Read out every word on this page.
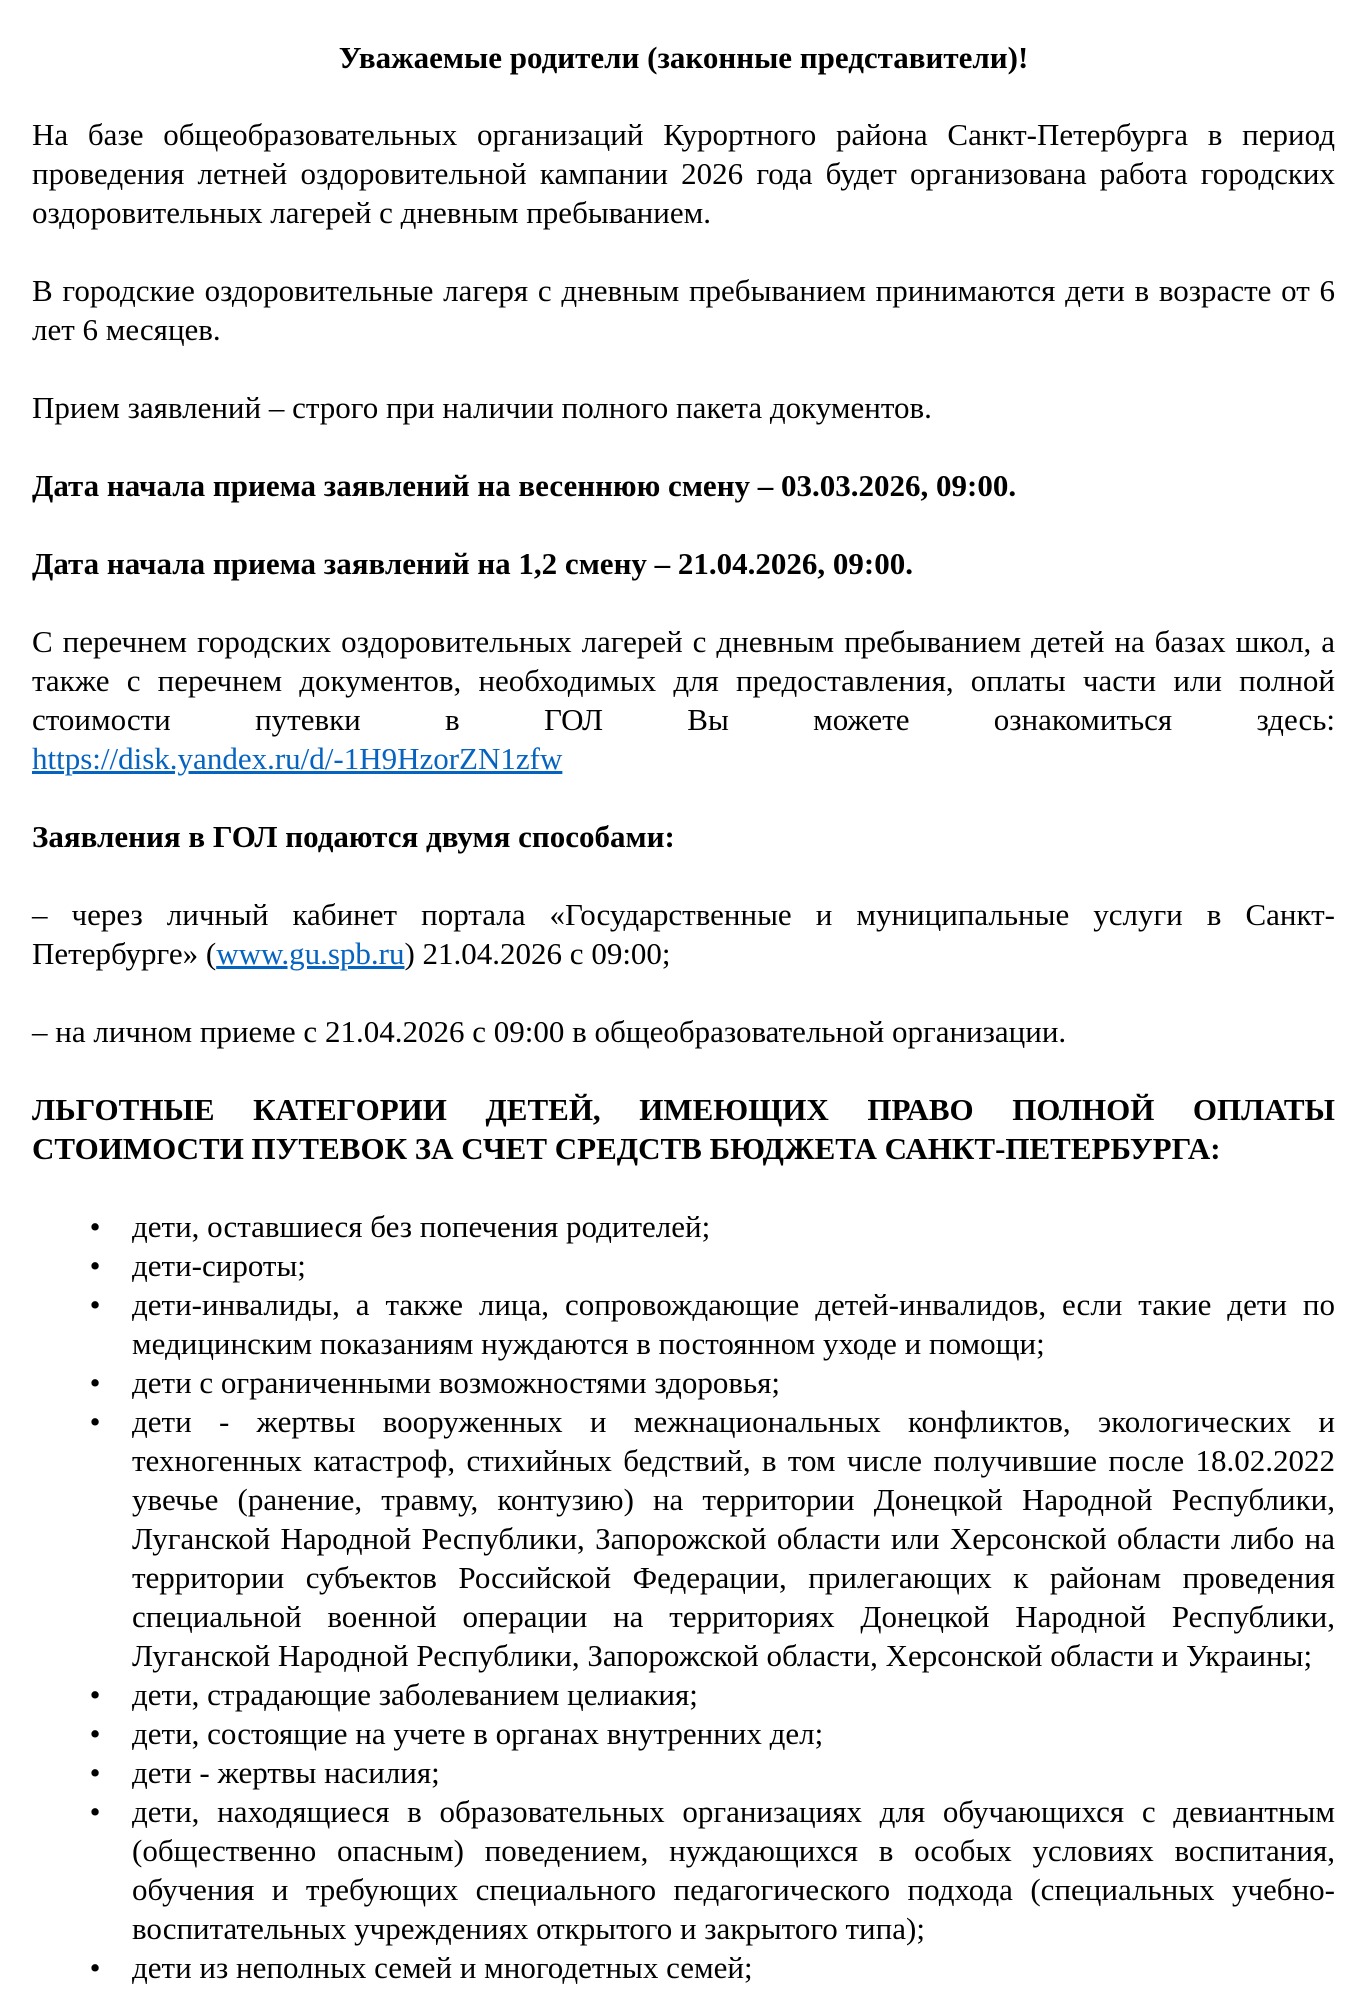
Уважаемые родители (законные представители)!

На базе общеобразовательных организаций Курортного района Санкт-Петербурга в период проведения летней оздоровительной кампании 2026 года будет организована работа городских оздоровительных лагерей с дневным пребыванием.

В городские оздоровительные лагеря с дневным пребыванием принимаются дети в возрасте от 6 лет 6 месяцев.

Прием заявлений – строго при наличии полного пакета документов.

Дата начала приема заявлений на весеннюю смену – 03.03.2026, 09:00.

Дата начала приема заявлений на 1,2 смену – 21.04.2026, 09:00.

С перечнем городских оздоровительных лагерей с дневным пребыванием детей на базах школ, а также с перечнем документов, необходимых для предоставления, оплаты части или полной стоимости путевки в ГОЛ Вы можете ознакомиться здесь: https://disk.yandex.ru/d/-1H9HzorZN1zfw

Заявления в ГОЛ подаются двумя способами:

– через личный кабинет портала «Государственные и муниципальные услуги в Санкт-Петербурге» (www.gu.spb.ru) 21.04.2026 с 09:00;

– на личном приеме с 21.04.2026 с 09:00 в общеобразовательной организации.

ЛЬГОТНЫЕ КАТЕГОРИИ ДЕТЕЙ, ИМЕЮЩИХ ПРАВО ПОЛНОЙ ОПЛАТЫ СТОИМОСТИ ПУТЕВОК ЗА СЧЕТ СРЕДСТВ БЮДЖЕТА САНКТ-ПЕТЕРБУРГА:
• дети, оставшиеся без попечения родителей;
• дети-сироты;
• дети-инвалиды, а также лица, сопровождающие детей-инвалидов, если такие дети по медицинским показаниям нуждаются в постоянном уходе и помощи;
• дети с ограниченными возможностями здоровья;
• дети - жертвы вооруженных и межнациональных конфликтов, экологических и техногенных катастроф, стихийных бедствий, в том числе получившие после 18.02.2022 увечье (ранение, травму, контузию) на территории Донецкой Народной Республики, Луганской Народной Республики, Запорожской области или Херсонской области либо на территории субъектов Российской Федерации, прилегающих к районам проведения специальной военной операции на территориях Донецкой Народной Республики, Луганской Народной Республики, Запорожской области, Херсонской области и Украины;
• дети, страдающие заболеванием целиакия;
• дети, состоящие на учете в органах внутренних дел;
• дети - жертвы насилия;
• дети, находящиеся в образовательных организациях для обучающихся с девиантным (общественно опасным) поведением, нуждающихся в особых условиях воспитания, обучения и требующих специального педагогического подхода (специальных учебно-воспитательных учреждениях открытого и закрытого типа);
• дети из неполных семей и многодетных семей;
